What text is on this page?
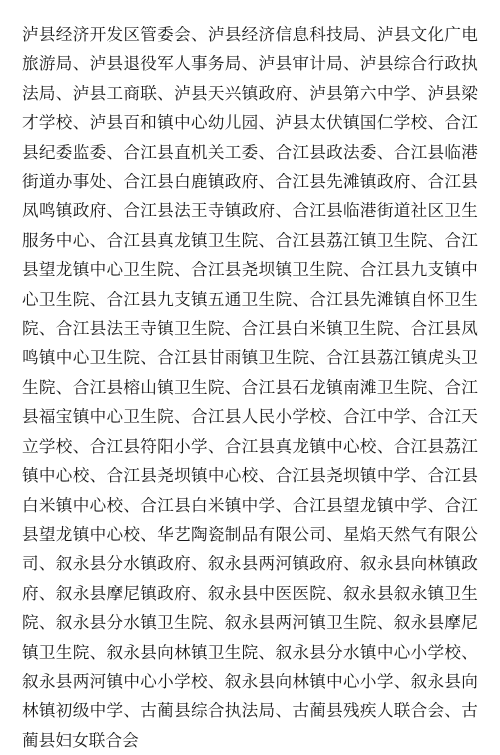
泸县经济开发区管委会、泸县经济信息科技局、泸县文化广电旅游局、泸县退役军人事务局、泸县审计局、泸县综合行政执法局、泸县工商联、泸县天兴镇政府、泸县第六中学、泸县梁才学校、泸县百和镇中心幼儿园、泸县太伏镇国仁学校、合江县纪委监委、合江县直机关工委、合江县政法委、合江县临港街道办事处、合江县白鹿镇政府、合江县先滩镇政府、合江县凤鸣镇政府、合江县法王寺镇政府、合江县临港街道社区卫生服务中心、合江县真龙镇卫生院、合江县荔江镇卫生院、合江县望龙镇中心卫生院、合江县尧坝镇卫生院、合江县九支镇中心卫生院、合江县九支镇五通卫生院、合江县先滩镇自怀卫生院、合江县法王寺镇卫生院、合江县白米镇卫生院、合江县凤鸣镇中心卫生院、合江县甘雨镇卫生院、合江县荔江镇虎头卫生院、合江县榕山镇卫生院、合江县石龙镇南滩卫生院、合江县福宝镇中心卫生院、合江县人民小学校、合江中学、合江天立学校、合江县符阳小学、合江县真龙镇中心校、合江县荔江镇中心校、合江县尧坝镇中心校、合江县尧坝镇中学、合江县白米镇中心校、合江县白米镇中学、合江县望龙镇中学、合江县望龙镇中心校、华艺陶瓷制品有限公司、星焰天然气有限公司、叙永县分水镇政府、叙永县两河镇政府、叙永县向林镇政府、叙永县摩尼镇政府、叙永县中医医院、叙永县叙永镇卫生院、叙永县分水镇卫生院、叙永县两河镇卫生院、叙永县摩尼镇卫生院、叙永县向林镇卫生院、叙永县分水镇中心小学校、叙永县两河镇中心小学校、叙永县向林镇中心小学、叙永县向林镇初级中学、古蔺县综合执法局、古蔺县残疾人联合会、古蔺县妇女联合会
